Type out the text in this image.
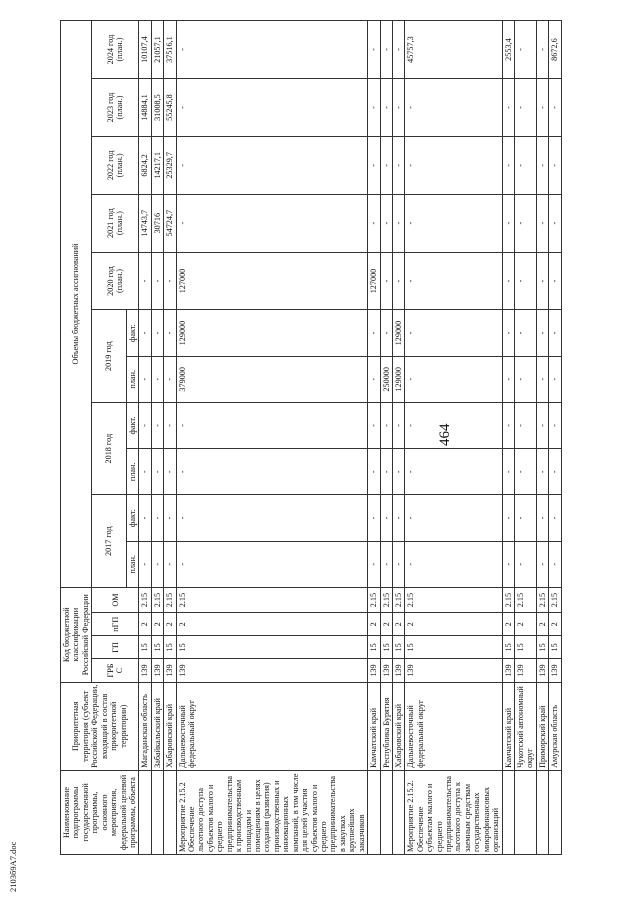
464
Наименование подпрограммы государственной программы, основного мероприятия, федеральной целевой программы, объекта	Приоритетная территория (субъект Российской Федерации, входящий в состав приоритетной территории)	Код бюджетной классификации Российской Федерации				Объемы бюджетных ассигнований										
		ГРБС	ГП	пГП	ОМ	2017 год		2018 год		2019 год		2020 год (план.)	2021 год (план.)	2022 год (план.)	2023 год (план.)	2024 год (план.)
						план.	факт.	план.	факт.	план.	факт.					
	Магаданская область	139	15	2	2.15	-	-	-	-	-	-	-	14743,7	6824,2	14884,1	10107,4
	Забайкальский край	139	15	2	2.15	-	-	-	-	-	-	-	30716	14217,1	31008,5	21057,1
	Хабаровский край	139	15	2	2.15	-	-	-	-	-	-	-	54724,7	25329,7	55245,8	37516,1
Мероприятие 2.15.2 Обеспечение льготного доступа субъектов малого и среднего предпринимательства к производственным площадям и помещениям в целях создания (развития) производственных и инновационных компаний, в том числе для целей участия субъектов малого и среднего предпринимательства в закупках крупнейших заказчиков	Дальневосточный федеральный округ	139	15	2	2.15	-	-	-	-	379000	129000	127000	-	-	-	-
	Камчатский край	139	15	2	2.15	-	-	-	-	-	-	127000	-	-	-	-
	Республика Бурятия	139	15	2	2.15	-	-	-	-	250000	-	-	-	-	-	-
	Хабаровский край	139	15	2	2.15	-	-	-	-	129000	129000	-	-	-	-	-
Мероприятие 2.15.2. Обеспечение субъектам малого и среднего предпринимательства льготного доступа к заемным средствам государственных микрофинансовых организаций	Дальневосточный федеральный округ	139	15	2	2.15	-	-	-	-	-	-	-	-	-	-	45757,3
	Камчатский край	139	15	2	2.15	-	-	-	-	-	-	-	-	-	-	2553,4
	Чукотский автономный округ	139	15	2	2.15	-	-	-	-	-	-	-	-	-	-	-
	Приморский край	139	15	2	2.15	-	-	-	-	-	-	-	-	-	-	-
	Амурская область	139	15	2	2.15	-	-	-	-	-	-	-	-	-	-	8672,6
2103б9А7.doc
